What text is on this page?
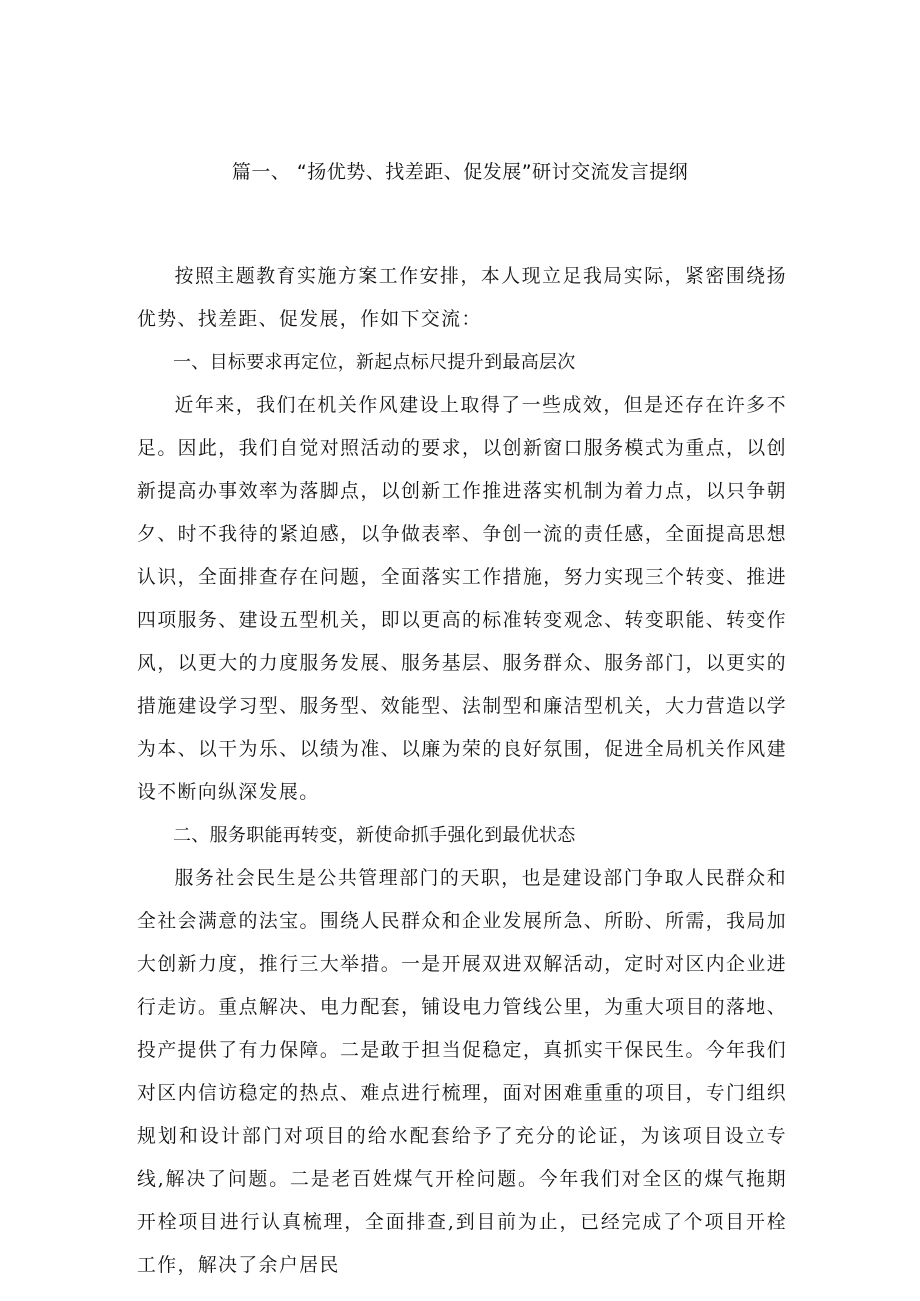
篇一、 “扬优势、找差距、促发展”研讨交流发言提纲

按照主题教育实施方案工作安排，本人现立足我局实际，紧密围绕扬优势、找差距、促发展，作如下交流：

一、目标要求再定位，新起点标尺提升到最高层次

近年来，我们在机关作风建设上取得了一些成效，但是还存在许多不足。因此，我们自觉对照活动的要求，以创新窗口服务模式为重点，以创新提高办事效率为落脚点，以创新工作推进落实机制为着力点，以只争朝夕、时不我待的紧迫感，以争做表率、争创一流的责任感，全面提高思想认识，全面排查存在问题，全面落实工作措施，努力实现三个转变、推进四项服务、建设五型机关，即以更高的标准转变观念、转变职能、转变作风，以更大的力度服务发展、服务基层、服务群众、服务部门，以更实的措施建设学习型、服务型、效能型、法制型和廉洁型机关，大力营造以学为本、以干为乐、以绩为准、以廉为荣的良好氛围，促进全局机关作风建设不断向纵深发展。

二、服务职能再转变，新使命抓手强化到最优状态

服务社会民生是公共管理部门的天职，也是建设部门争取人民群众和全社会满意的法宝。围绕人民群众和企业发展所急、所盼、所需，我局加大创新力度，推行三大举措。一是开展双进双解活动，定时对区内企业进行走访。重点解决、电力配套，铺设电力管线公里，为重大项目的落地、投产提供了有力保障。二是敢于担当促稳定，真抓实干保民生。今年我们对区内信访稳定的热点、难点进行梳理，面对困难重重的项目，专门组织规划和设计部门对项目的给水配套给予了充分的论证，为该项目设立专线,解决了问题。二是老百姓煤气开栓问题。今年我们对全区的煤气拖期开栓项目进行认真梳理，全面排查,到目前为止，已经完成了个项目开栓工作，解决了余户居民
